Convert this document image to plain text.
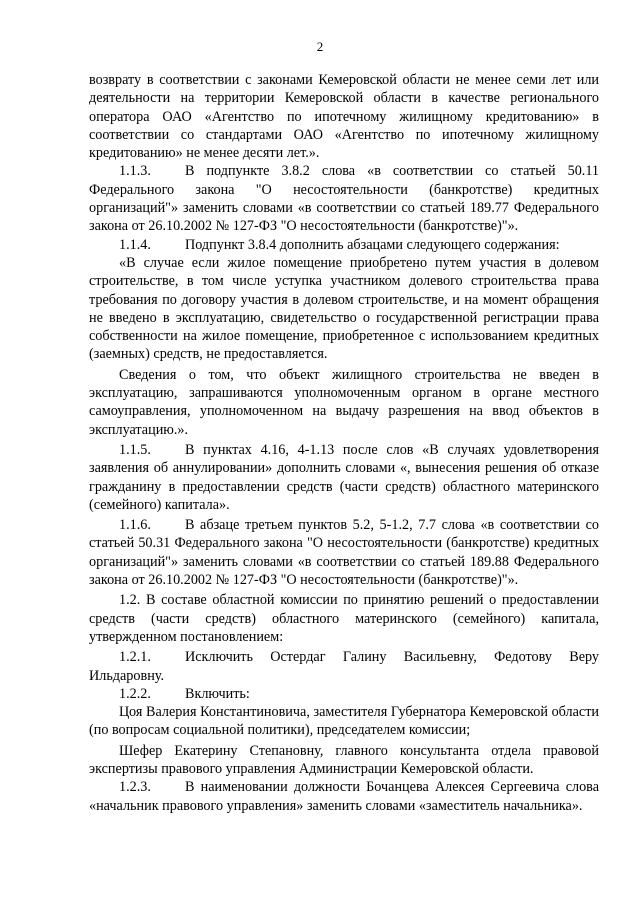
2

возврату в соответствии с законами Кемеровской области не менее семи лет или деятельности на территории Кемеровской области в качестве регионального оператора ОАО «Агентство по ипотечному жилищному кредитованию» в соответствии со стандартами ОАО «Агентство по ипотечному жилищному кредитованию» не менее десяти лет.».

1.1.3. В подпункте 3.8.2 слова «в соответствии со статьей 50.11 Федерального закона "О несостоятельности (банкротстве) кредитных организаций"» заменить словами «в соответствии со статьей 189.77 Федерального закона от 26.10.2002 № 127-ФЗ "О несостоятельности (банкротстве)"».

1.1.4. Подпункт 3.8.4 дополнить абзацами следующего содержания:

«В случае если жилое помещение приобретено путем участия в долевом строительстве, в том числе уступка участником долевого строительства права требования по договору участия в долевом строительстве, и на момент обращения не введено в эксплуатацию, свидетельство о государственной регистрации права собственности на жилое помещение, приобретенное с использованием кредитных (заемных) средств, не предоставляется.

Сведения о том, что объект жилищного строительства не введен в эксплуатацию, запрашиваются уполномоченным органом в органе местного самоуправления, уполномоченном на выдачу разрешения на ввод объектов в эксплуатацию.».

1.1.5. В пунктах 4.16, 4-1.13 после слов «В случаях удовлетворения заявления об аннулировании» дополнить словами «, вынесения решения об отказе гражданину в предоставлении средств (части средств) областного материнского (семейного) капитала».

1.1.6. В абзаце третьем пунктов 5.2, 5-1.2, 7.7 слова «в соответствии со статьей 50.31 Федерального закона "О несостоятельности (банкротстве) кредитных организаций"» заменить словами «в соответствии со статьей 189.88 Федерального закона от 26.10.2002 № 127-ФЗ "О несостоятельности (банкротстве)"».

1.2. В составе областной комиссии по принятию решений о предоставлении средств (части средств) областного материнского (семейного) капитала, утвержденном постановлением:

1.2.1. Исключить Остердаг Галину Васильевну, Федотову Веру Ильдаровну.

1.2.2. Включить:

Цоя Валерия Константиновича, заместителя Губернатора Кемеровской области (по вопросам социальной политики), председателем комиссии;

Шефер Екатерину Степановну, главного консультанта отдела правовой экспертизы правового управления Администрации Кемеровской области.

1.2.3. В наименовании должности Бочанцева Алексея Сергеевича слова «начальник правового управления» заменить словами «заместитель начальника».
